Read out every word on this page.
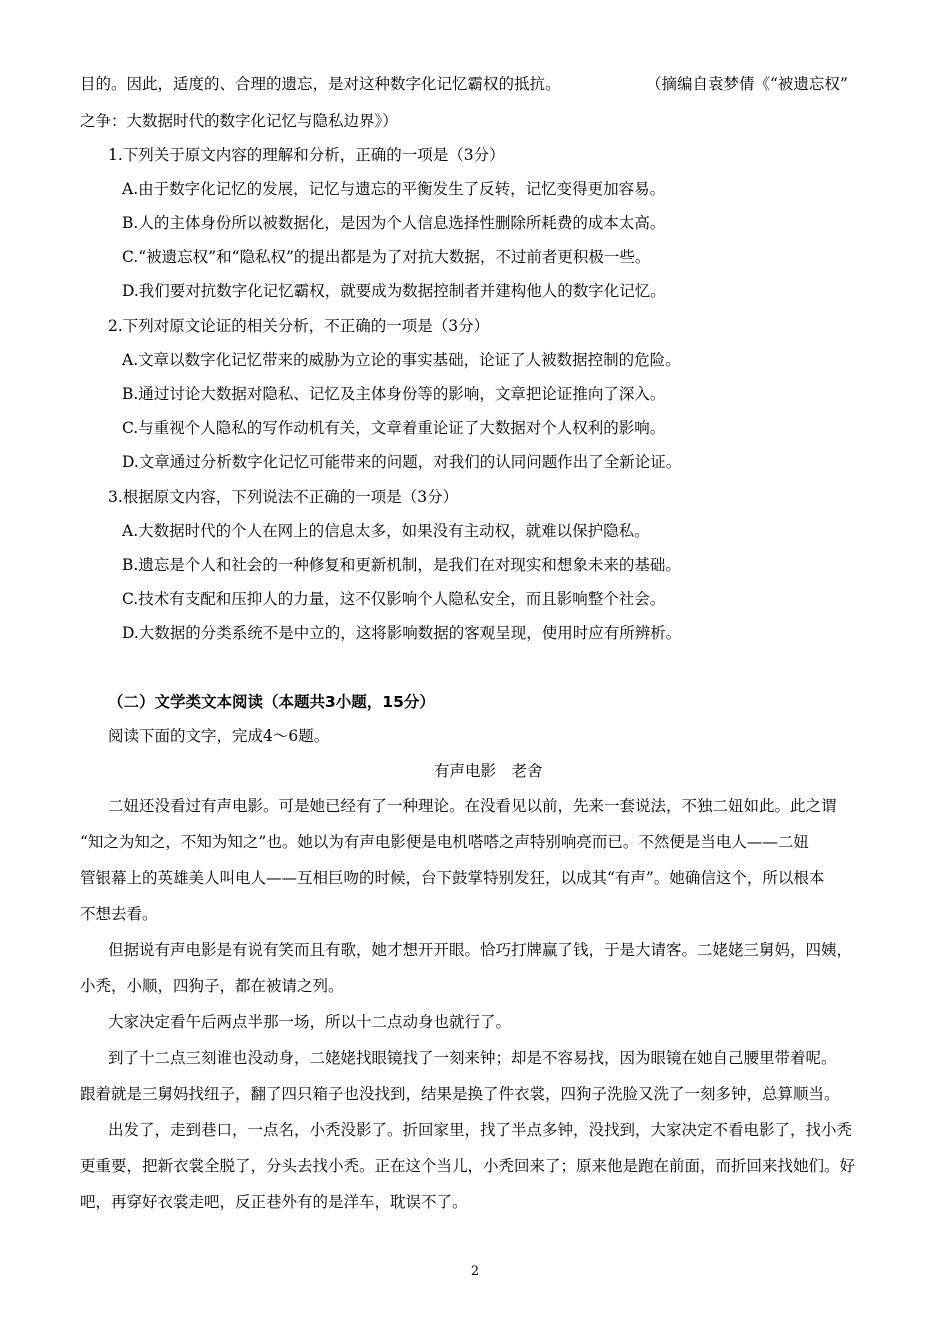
目的。因此，适度的、合理的遗忘，是对这种数字化记忆霸权的抵抗。	（摘编自袁梦倩《“被遗忘权”
之争：大数据时代的数字化记忆与隐私边界》）
1.下列关于原文内容的理解和分析，正确的一项是（3分）
A.由于数字化记忆的发展，记忆与遗忘的平衡发生了反转，记忆变得更加容易。
B.人的主体身份所以被数据化，是因为个人信息选择性删除所耗费的成本太高。
C.“被遗忘权”和“隐私权”的提出都是为了对抗大数据，不过前者更积极一些。
D.我们要对抗数字化记忆霸权，就要成为数据控制者并建构他人的数字化记忆。
2.下列对原文论证的相关分析，不正确的一项是（3分）
A.文章以数字化记忆带来的威胁为立论的事实基础，论证了人被数据控制的危险。
B.通过讨论大数据对隐私、记忆及主体身份等的影响，文章把论证推向了深入。
C.与重视个人隐私的写作动机有关，文章着重论证了大数据对个人权利的影响。
D.文章通过分析数字化记忆可能带来的问题，对我们的认同问题作出了全新论证。
3.根据原文内容，下列说法不正确的一项是（3分）
A.大数据时代的个人在网上的信息太多，如果没有主动权，就难以保护隐私。
B.遗忘是个人和社会的一种修复和更新机制，是我们在对现实和想象未来的基础。
C.技术有支配和压抑人的力量，这不仅影响个人隐私安全，而且影响整个社会。
D.大数据的分类系统不是中立的，这将影响数据的客观呈现，使用时应有所辨析。
（二）文学类文本阅读（本题共3小题，15分）
阅读下面的文字，完成4～6题。
有声电影　老舍
二妞还没看过有声电影。可是她已经有了一种理论。在没看见以前，先来一套说法，不独二妞如此。此之谓
“知之为知之，不知为知之”也。她以为有声电影便是电机嗒嗒之声特别响亮而已。不然便是当电人——二妞
管银幕上的英雄美人叫电人——互相巨吻的时候，台下鼓掌特别发狂，以成其“有声”。她确信这个，所以根本
不想去看。
但据说有声电影是有说有笑而且有歌，她才想开开眼。恰巧打牌赢了钱，于是大请客。二姥姥三舅妈，四姨，
小秃，小顺，四狗子，都在被请之列。
大家决定看午后两点半那一场，所以十二点动身也就行了。
到了十二点三刻谁也没动身，二姥姥找眼镜找了一刻来钟；却是不容易找，因为眼镜在她自己腰里带着呢。
跟着就是三舅妈找纽子，翻了四只箱子也没找到，结果是换了件衣裳，四狗子洗脸又洗了一刻多钟，总算顺当。
出发了，走到巷口，一点名，小秃没影了。折回家里，找了半点多钟，没找到，大家决定不看电影了，找小秃
更重要，把新衣裳全脱了，分头去找小秃。正在这个当儿，小秃回来了；原来他是跑在前面，而折回来找她们。好
吧，再穿好衣裳走吧，反正巷外有的是洋车，耽误不了。
2
